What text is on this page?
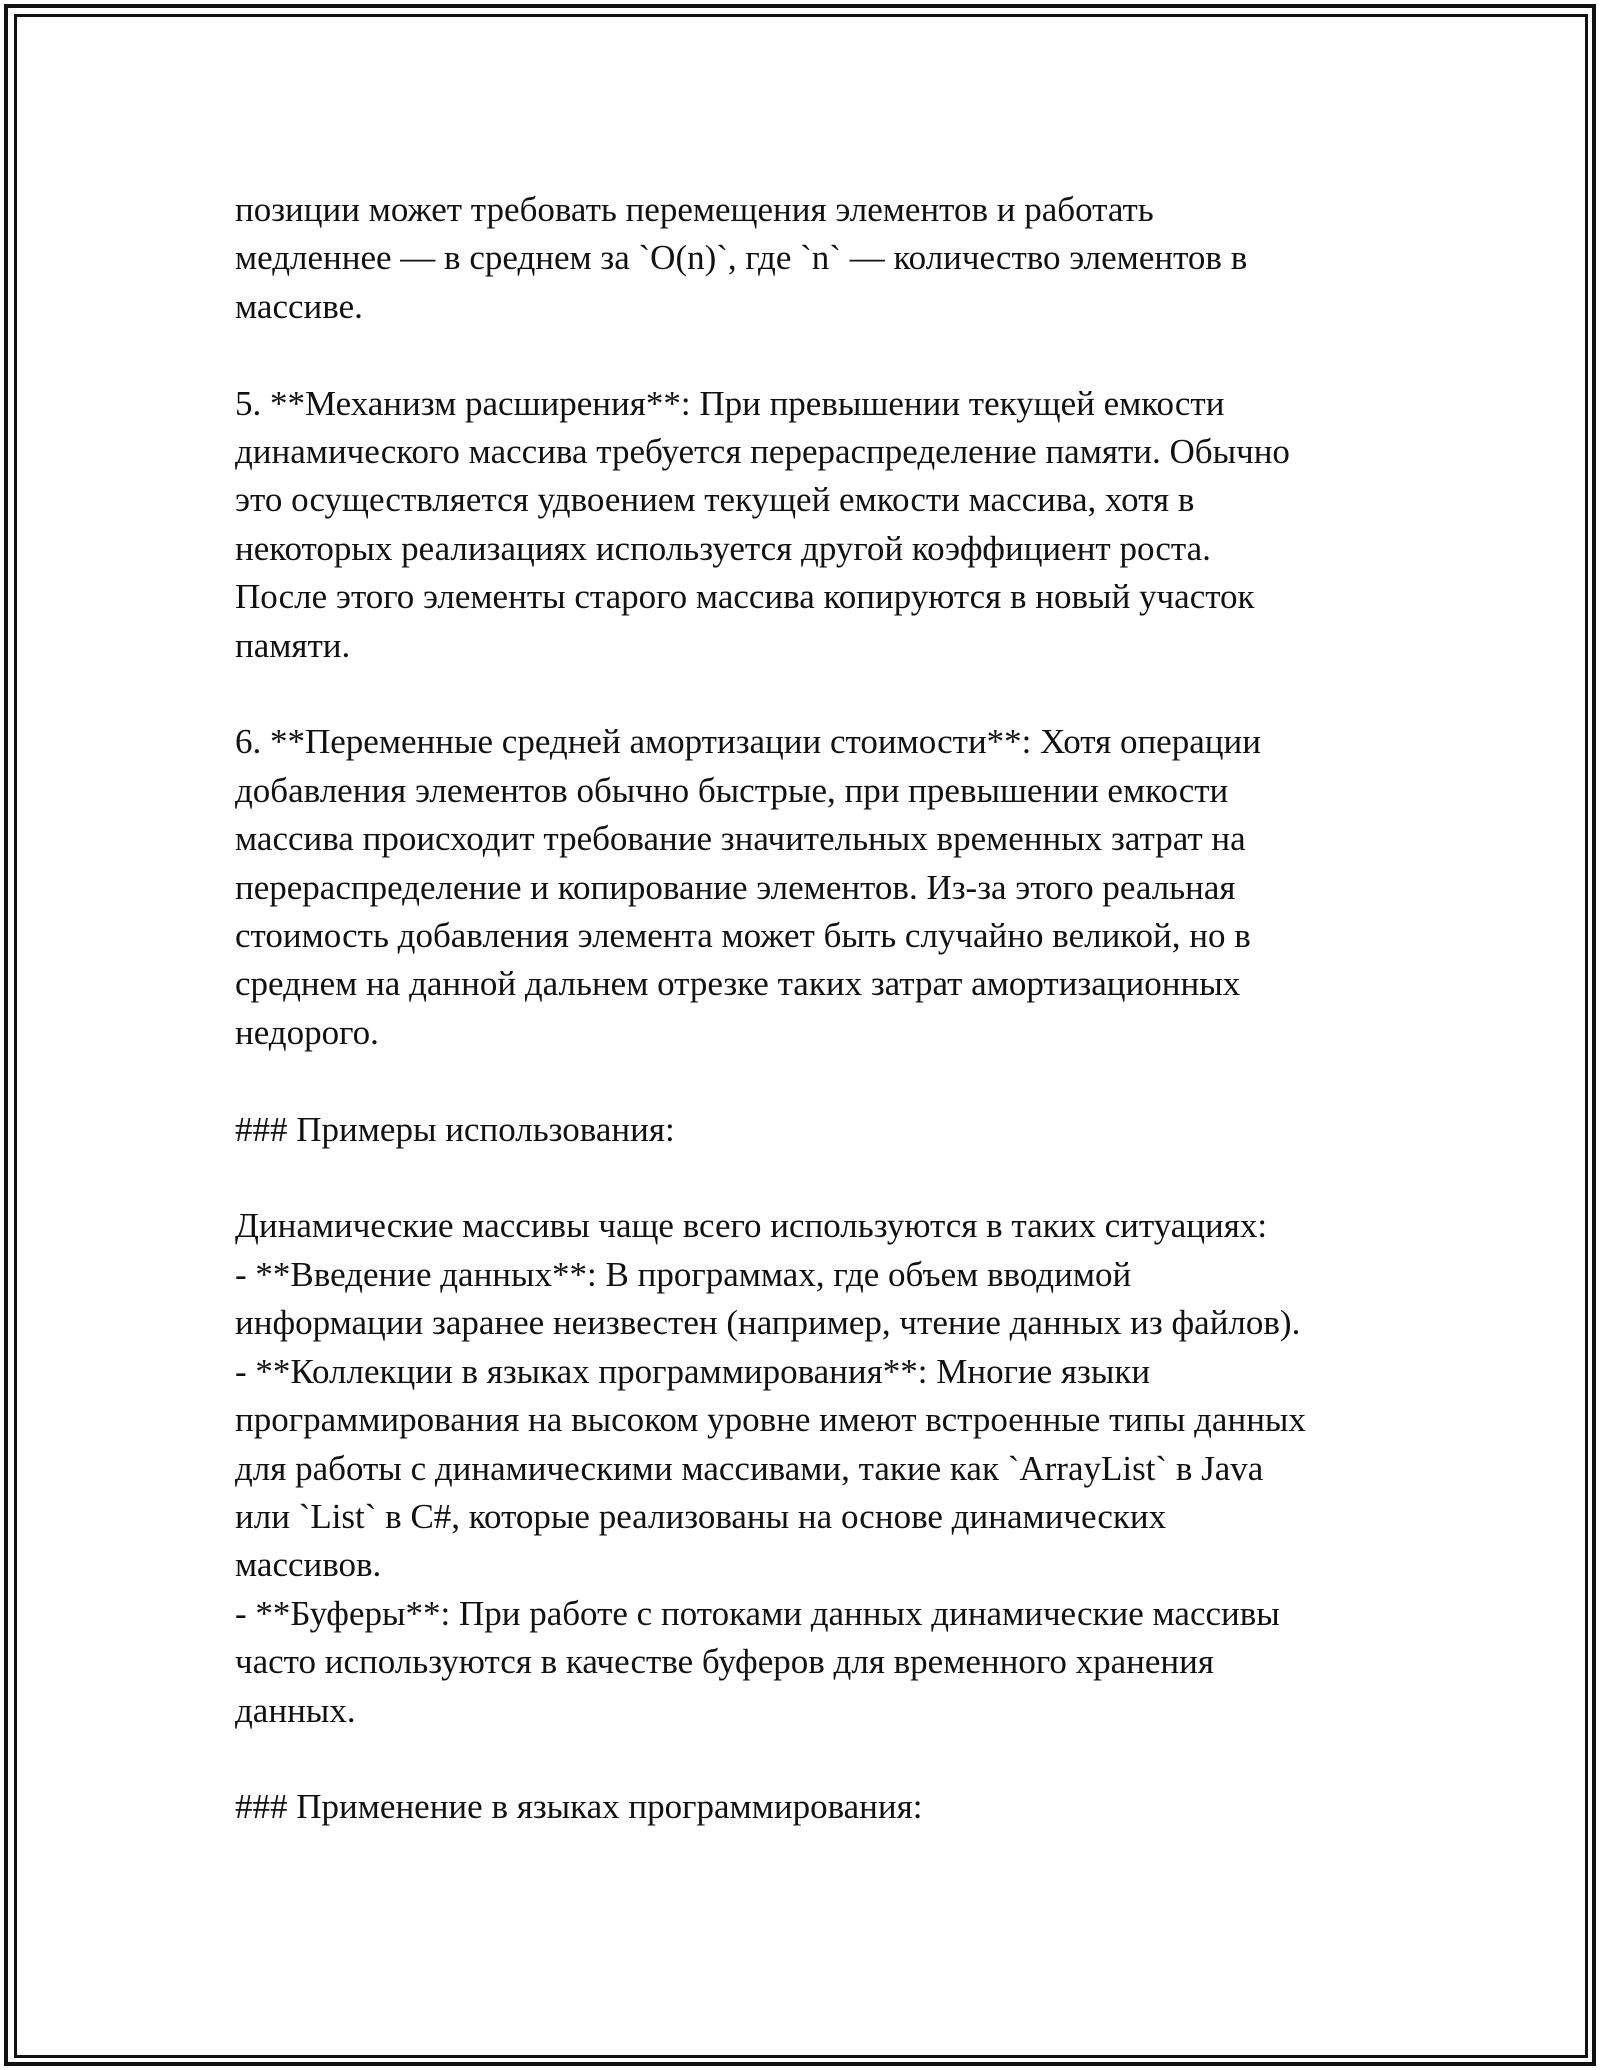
позиции может требовать перемещения элементов и работать

медленнее — в среднем за `O(n)`, где `n` — количество элементов в

массиве.

5. **Механизм расширения**: При превышении текущей емкости

динамического массива требуется перераспределение памяти. Обычно

это осуществляется удвоением текущей емкости массива, хотя в

некоторых реализациях используется другой коэффициент роста.

После этого элементы старого массива копируются в новый участок

памяти.

6. **Переменные средней амортизации стоимости**: Хотя операции

добавления элементов обычно быстрые, при превышении емкости

массива происходит требование значительных временных затрат на

перераспределение и копирование элементов. Из-за этого реальная

стоимость добавления элемента может быть случайно великой, но в

среднем на данной дальнем отрезке таких затрат амортизационных

недорого.

### Примеры использования:

Динамические массивы чаще всего используются в таких ситуациях:

- **Введение данных**: В программах, где объем вводимой

информации заранее неизвестен (например, чтение данных из файлов).

- **Коллекции в языках программирования**: Многие языки

программирования на высоком уровне имеют встроенные типы данных

для работы с динамическими массивами, такие как `ArrayList` в Java

или `List` в C#, которые реализованы на основе динамических

массивов.

- **Буферы**: При работе с потоками данных динамические массивы

часто используются в качестве буферов для временного хранения

данных.

### Применение в языках программирования:
